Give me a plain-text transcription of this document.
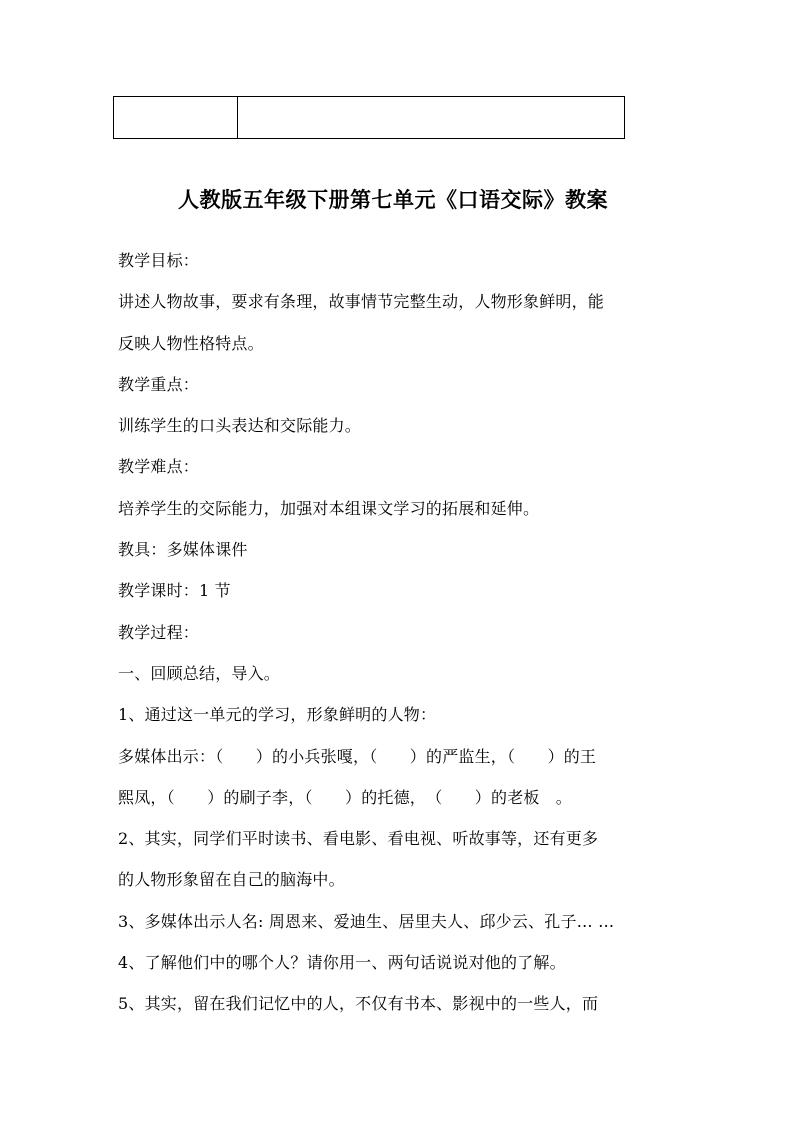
人教版五年级下册第七单元《口语交际》教案
教学目标：
讲述人物故事，要求有条理，故事情节完整生动，人物形象鲜明，能
反映人物性格特点。
教学重点：
训练学生的口头表达和交际能力。
教学难点：
培养学生的交际能力，加强对本组课文学习的拓展和延伸。
教具：多媒体课件
教学课时：1 节
教学过程：
一、回顾总结，导入。
1、通过这一单元的学习，形象鲜明的人物：
多媒体出示：（　　）的小兵张嘎，（　　）的严监生，（　　）的王
熙凤，（　　）的刷子李，（　　）的托德，　（　　）的老板　。
2、其实，同学们平时读书、看电影、看电视、听故事等，还有更多
的人物形象留在自己的脑海中。
3、多媒体出示人名: 周恩来、爱迪生、居里夫人、邱少云、孔子… …
4、了解他们中的哪个人？请你用一、两句话说说对他的了解。
5、其实，留在我们记忆中的人，不仅有书本、影视中的一些人，而
